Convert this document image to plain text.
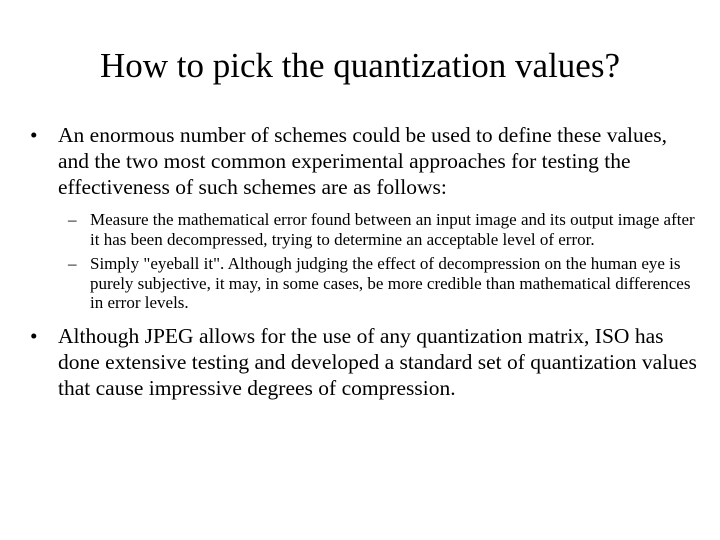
How to pick the quantization values?
• An enormous number of schemes could be used to define these values, and the two most common experimental approaches for testing the effectiveness of such schemes are as follows:
– Measure the mathematical error found between an input image and its output image after it has been decompressed, trying to determine an acceptable level of error.
– Simply "eyeball it". Although judging the effect of decompression on the human eye is purely subjective, it may, in some cases, be more credible than mathematical differences in error levels.
• Although JPEG allows for the use of any quantization matrix, ISO has done extensive testing and developed a standard set of quantization values that cause impressive degrees of compression.
